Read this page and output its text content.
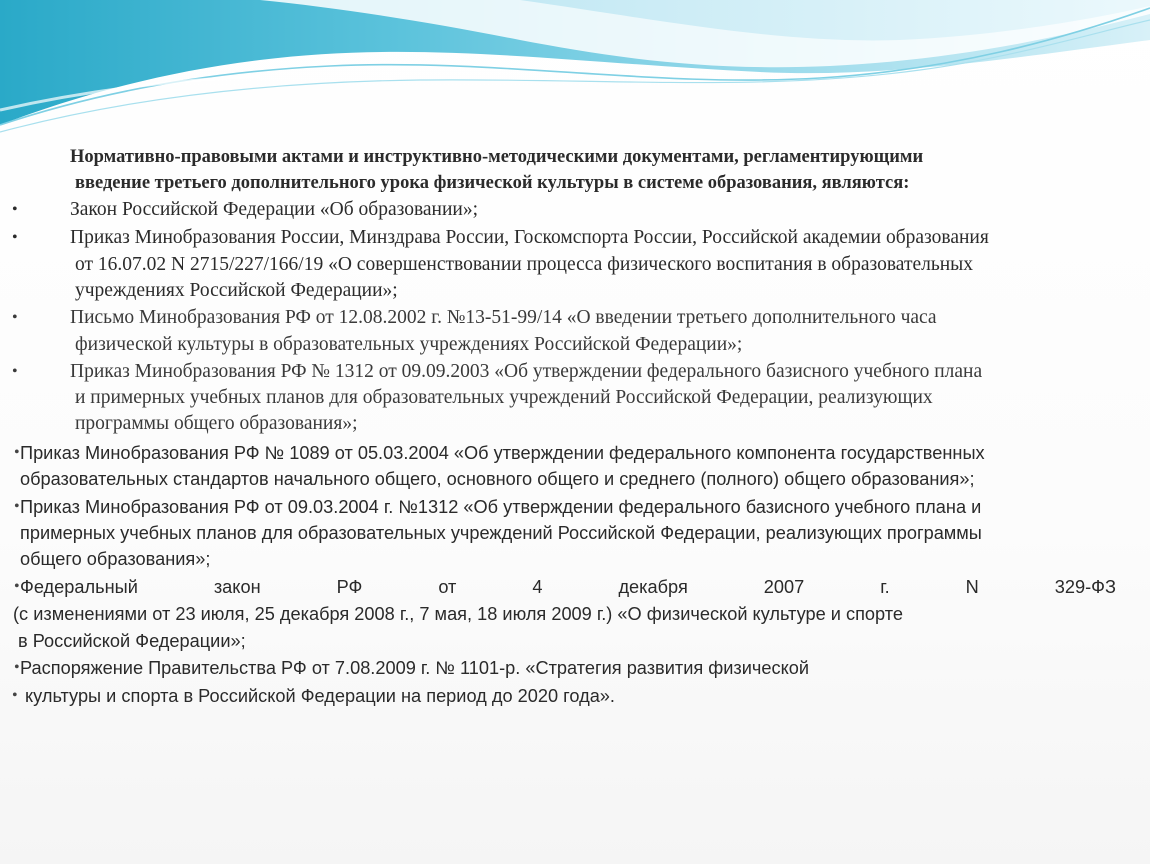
Нормативно-правовыми актами и инструктивно-методическими документами, регламентирующими
введение третьего дополнительного урока физической культуры в системе образования, являются:
•	Закон Российской Федерации «Об образовании»;
•	Приказ Минобразования России, Минздрава России, Госкомспорта России, Российской академии образования
от 16.07.02 N 2715/227/166/19 «О совершенствовании процесса физического воспитания в образовательных
учреждениях Российской Федерации»;
•	Письмо Минобразования РФ от 12.08.2002 г. №13-51-99/14 «О введении третьего дополнительного часа
физической культуры в образовательных учреждениях Российской Федерации»;
•	Приказ Минобразования РФ № 1312 от 09.09.2003 «Об утверждении федерального базисного учебного плана
и примерных учебных планов для образовательных учреждений Российской Федерации, реализующих
программы общего образования»;
• Приказ Минобразования РФ № 1089 от 05.03.2004 «Об утверждении федерального компонента государственных
образовательных стандартов начального общего, основного общего и среднего (полного) общего образования»;
• Приказ Минобразования РФ от 09.03.2004 г. №1312 «Об утверждении федерального базисного учебного плана и
примерных учебных планов для образовательных учреждений Российской Федерации, реализующих программы
общего образования»;
• Федеральный	закон	РФ	от	4	декабря	2007	г.	N	329-ФЗ
(с изменениями от 23 июля, 25 декабря 2008 г., 7 мая, 18 июля 2009 г.) «О физической культуре и спорте
в Российской Федерации»;
• Распоряжение Правительства РФ от 7.08.2009 г. № 1101-р. «Стратегия развития физической
• культуры и спорта в Российской Федерации на период до 2020 года».
